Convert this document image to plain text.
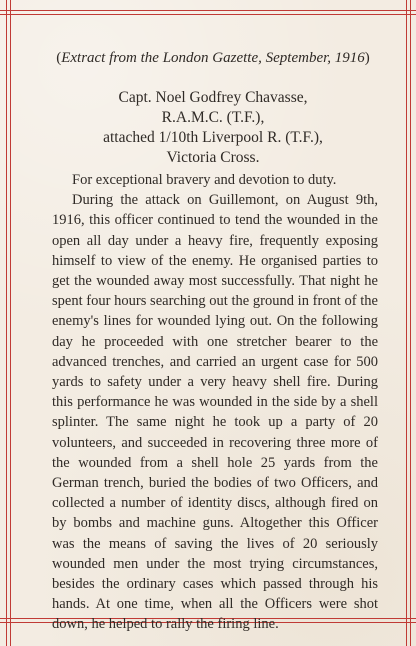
(Extract from the London Gazette, September, 1916)
Capt. Noel Godfrey Chavasse,
R.A.M.C. (T.F.),
attached 1/10th Liverpool R. (T.F.),
Victoria Cross.

For exceptional bravery and devotion to duty.

During the attack on Guillemont, on August 9th, 1916, this officer continued to tend the wounded in the open all day under a heavy fire, frequently exposing himself to view of the enemy. He organised parties to get the wounded away most successfully. That night he spent four hours searching out the ground in front of the enemy's lines for wounded lying out. On the following day he proceeded with one stretcher bearer to the advanced trenches, and carried an urgent case for 500 yards to safety under a very heavy shell fire. During this performance he was wounded in the side by a shell splinter. The same night he took up a party of 20 volunteers, and succeeded in recovering three more of the wounded from a shell hole 25 yards from the German trench, buried the bodies of two Officers, and collected a number of identity discs, although fired on by bombs and machine guns. Altogether this Officer was the means of saving the lives of 20 seriously wounded men under the most trying circumstances, besides the ordinary cases which passed through his hands. At one time, when all the Officers were shot down, he helped to rally the firing line.
